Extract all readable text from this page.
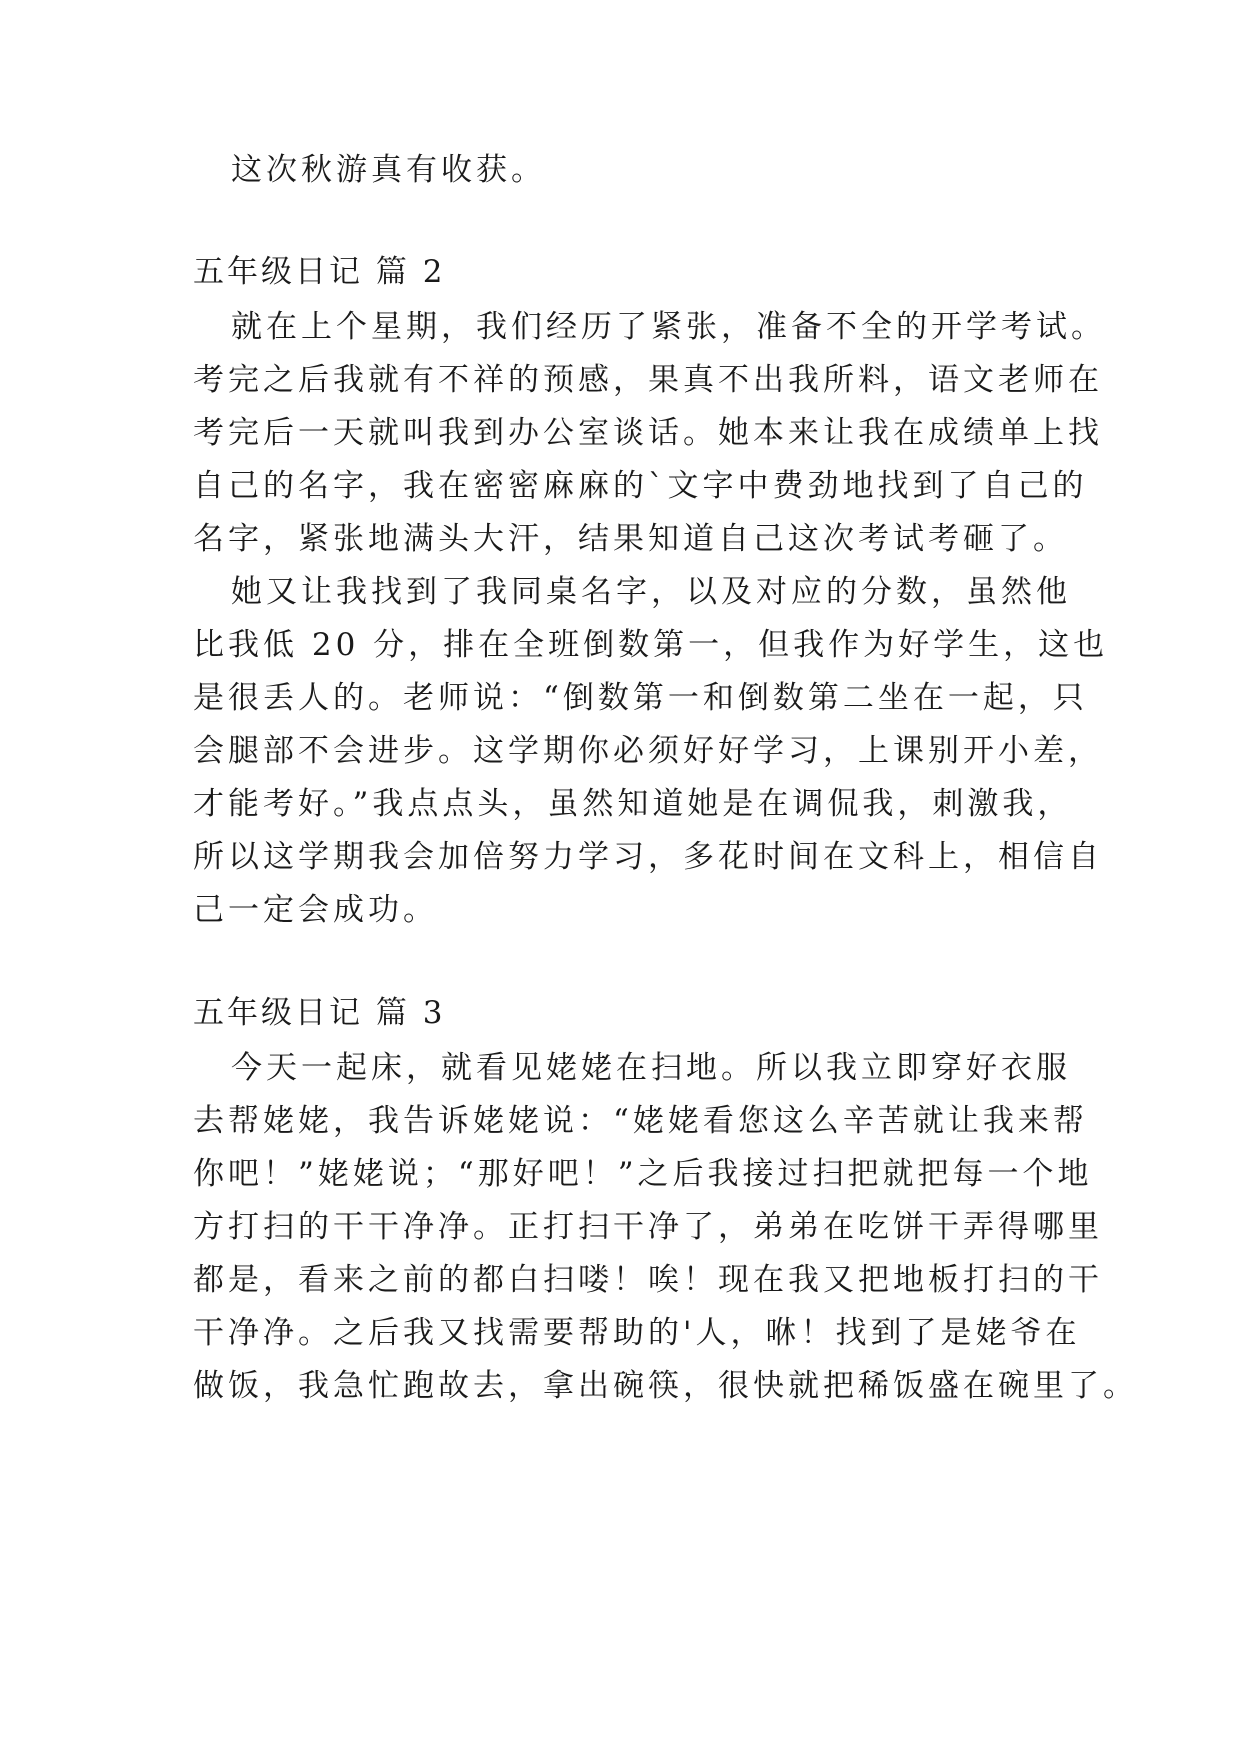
这次秋游真有收获。
五年级日记 篇 2
就在上个星期，我们经历了紧张，准备不全的开学考试。
考完之后我就有不祥的预感，果真不出我所料，语文老师在
考完后一天就叫我到办公室谈话。她本来让我在成绩单上找
自己的名字，我在密密麻麻的`文字中费劲地找到了自己的
名字，紧张地满头大汗，结果知道自己这次考试考砸了。
她又让我找到了我同桌名字，以及对应的分数，虽然他
比我低 20 分，排在全班倒数第一，但我作为好学生，这也
是很丢人的。老师说：“倒数第一和倒数第二坐在一起，只
会腿部不会进步。这学期你必须好好学习，上课别开小差，
才能考好。”我点点头，虽然知道她是在调侃我，刺激我，
所以这学期我会加倍努力学习，多花时间在文科上，相信自
己一定会成功。
五年级日记 篇 3
今天一起床，就看见姥姥在扫地。所以我立即穿好衣服
去帮姥姥，我告诉姥姥说：“姥姥看您这么辛苦就让我来帮
你吧！”姥姥说；“那好吧！”之后我接过扫把就把每一个地
方打扫的干干净净。正打扫干净了，弟弟在吃饼干弄得哪里
都是，看来之前的都白扫喽！唉！现在我又把地板打扫的干
干净净。之后我又找需要帮助的'人，咻！找到了是姥爷在
做饭，我急忙跑故去，拿出碗筷，很快就把稀饭盛在碗里了。
